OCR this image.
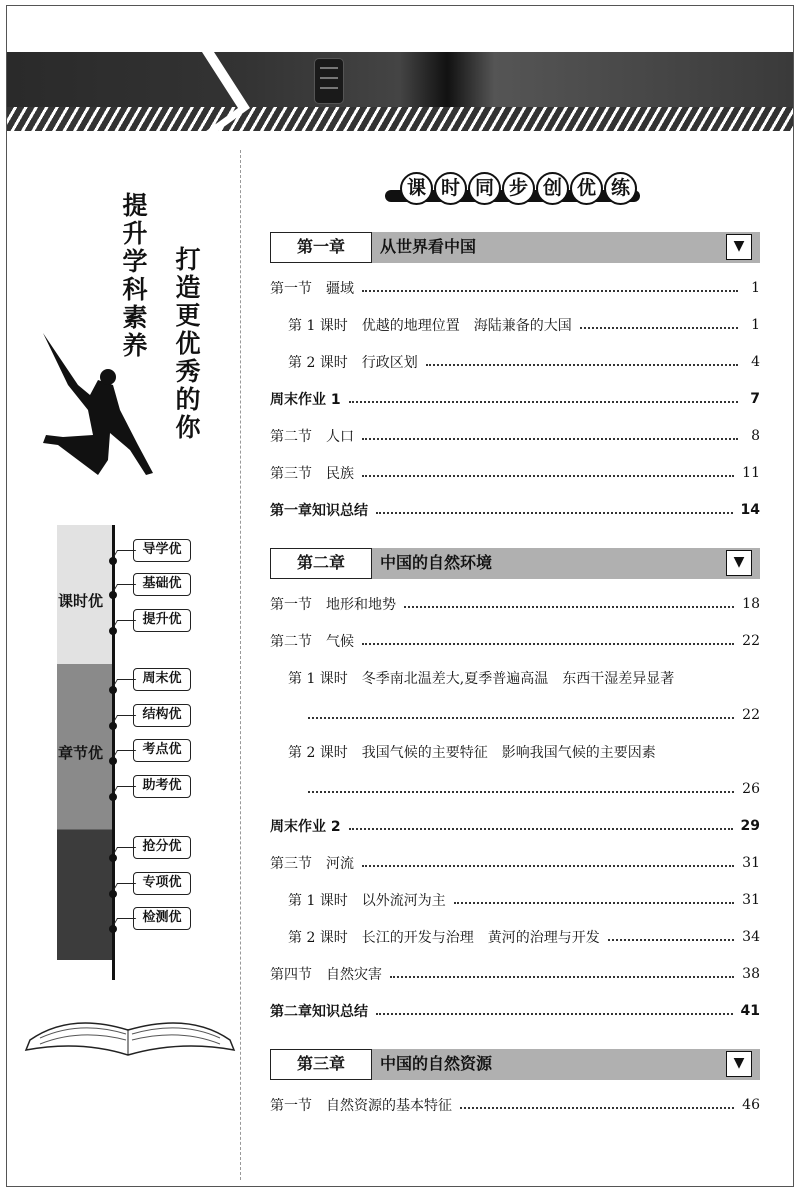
提升学科素养 打造更优秀的你
课时优
章节优
导学优
基础优
提升优
周末优
结构优
考点优
助考优
抢分优
专项优
检测优
课 时 同 步 创 优 练
第一章	从世界看中国	▼
第一节　疆域	1
第 1 课时　优越的地理位置　海陆兼备的大国	1
第 2 课时　行政区划	4
周末作业 1	7
第二节　人口	8
第三节　民族	11
第一章知识总结	14
第二章	中国的自然环境	▼
第一节　地形和地势	18
第二节　气候	22
第 1 课时　冬季南北温差大,夏季普遍高温　东西干湿差异显著
22
第 2 课时　我国气候的主要特征　影响我国气候的主要因素
26
周末作业 2	29
第三节　河流	31
第 1 课时　以外流河为主	31
第 2 课时　长江的开发与治理　黄河的治理与开发	34
第四节　自然灾害	38
第二章知识总结	41
第三章	中国的自然资源	▼
第一节　自然资源的基本特征	46
